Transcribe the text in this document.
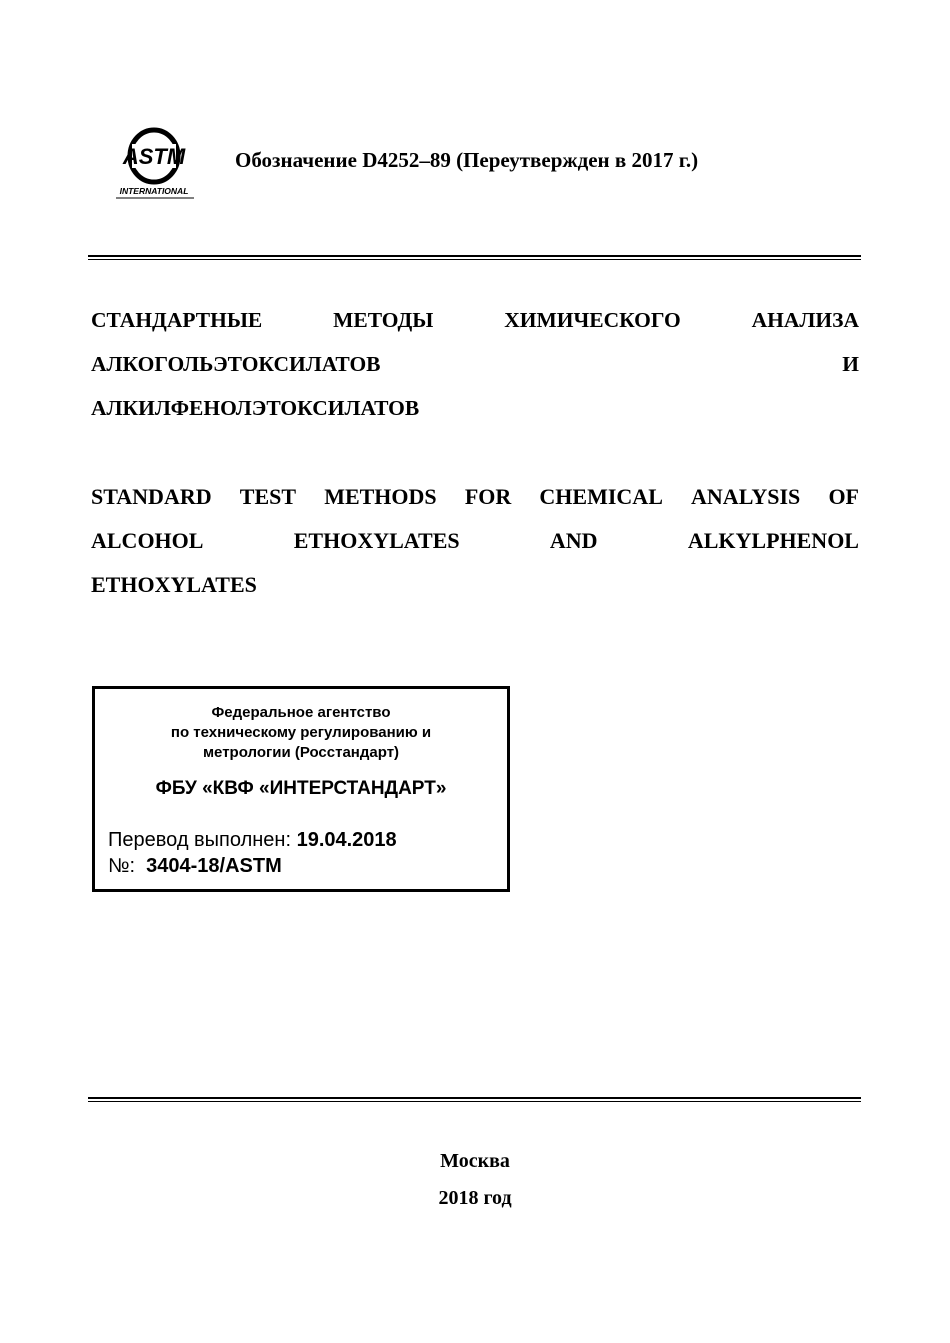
ASTM
INTERNATIONAL
Обозначение D4252–89 (Переутвержден в 2017 г.)
СТАНДАРТНЫЕ	МЕТОДЫ	ХИМИЧЕСКОГО	АНАЛИЗА
АЛКОГОЛЬЭТОКСИЛАТОВ	И
АЛКИЛФЕНОЛЭТОКСИЛАТОВ
STANDARD TEST METHODS FOR CHEMICAL ANALYSIS OF
ALCOHOL	ETHOXYLATES	AND	ALKYLPHENOL
ETHOXYLATES
Федеральное агентство
по техническому регулированию и
метрологии (Росстандарт)
ФБУ «КВФ «ИНТЕРСТАНДАРТ»
Перевод выполнен: 19.04.2018
№: 3404-18/ASTM
Москва
2018 год
